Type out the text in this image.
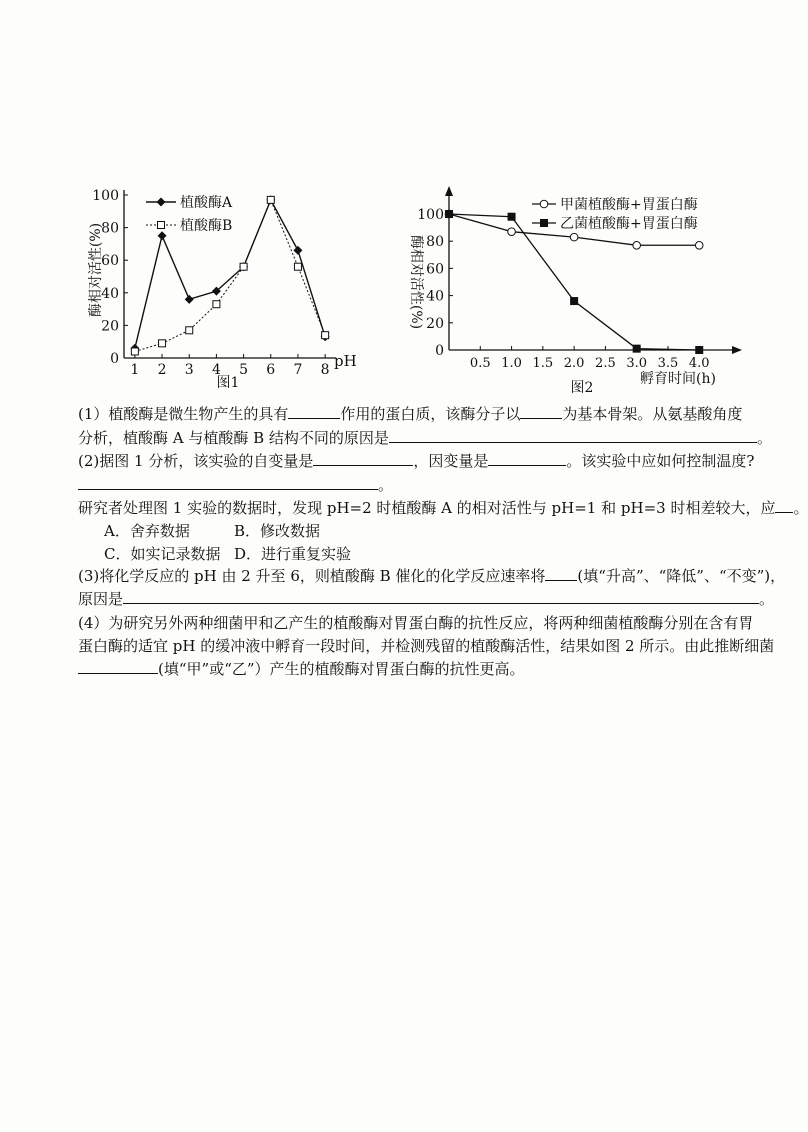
酶相对活性(%)
pH
图1
0
20
40
60
80
100
1 2 3 4 5 6 7 8
植酸酶A
植酸酶B
酶相对活性(%)
孵育时间(h)
图2
0
20
40
60
80
100
0.5 1.0 1.5 2.0 2.5 3.0 3.5 4.0
甲菌植酸酶+胃蛋白酶
乙菌植酸酶+胃蛋白酶
(1）植酸酶是微生物产生的具有	作用的蛋白质，该酶分子以	为基本骨架。从氨基酸角度
分析，植酸酶 A 与植酸酶 B 结构不同的原因是	。
(2)据图 1 分析，该实验的自变量是	，因变量是	。该实验中应如何控制温度?
。
研究者处理图 1 实验的数据时，发现 pH=2 时植酸酶 A 的相对活性与 pH=1 和 pH=3 时相差较大，应 。
A．舍弃数据	B．修改数据
C．如实记录数据 D．进行重复实验
(3)将化学反应的 pH 由 2 升至 6，则植酸酶 B 催化的化学反应速率将 (填“升高”、“降低”、“不变”)，
原因是	。
(4）为研究另外两种细菌甲和乙产生的植酸酶对胃蛋白酶的抗性反应，将两种细菌植酸酶分别在含有胃
蛋白酶的适宜 pH 的缓冲液中孵育一段时间，并检测残留的植酸酶活性，结果如图 2 所示。由此推断细菌
(填“甲”或“乙”）产生的植酸酶对胃蛋白酶的抗性更高。
